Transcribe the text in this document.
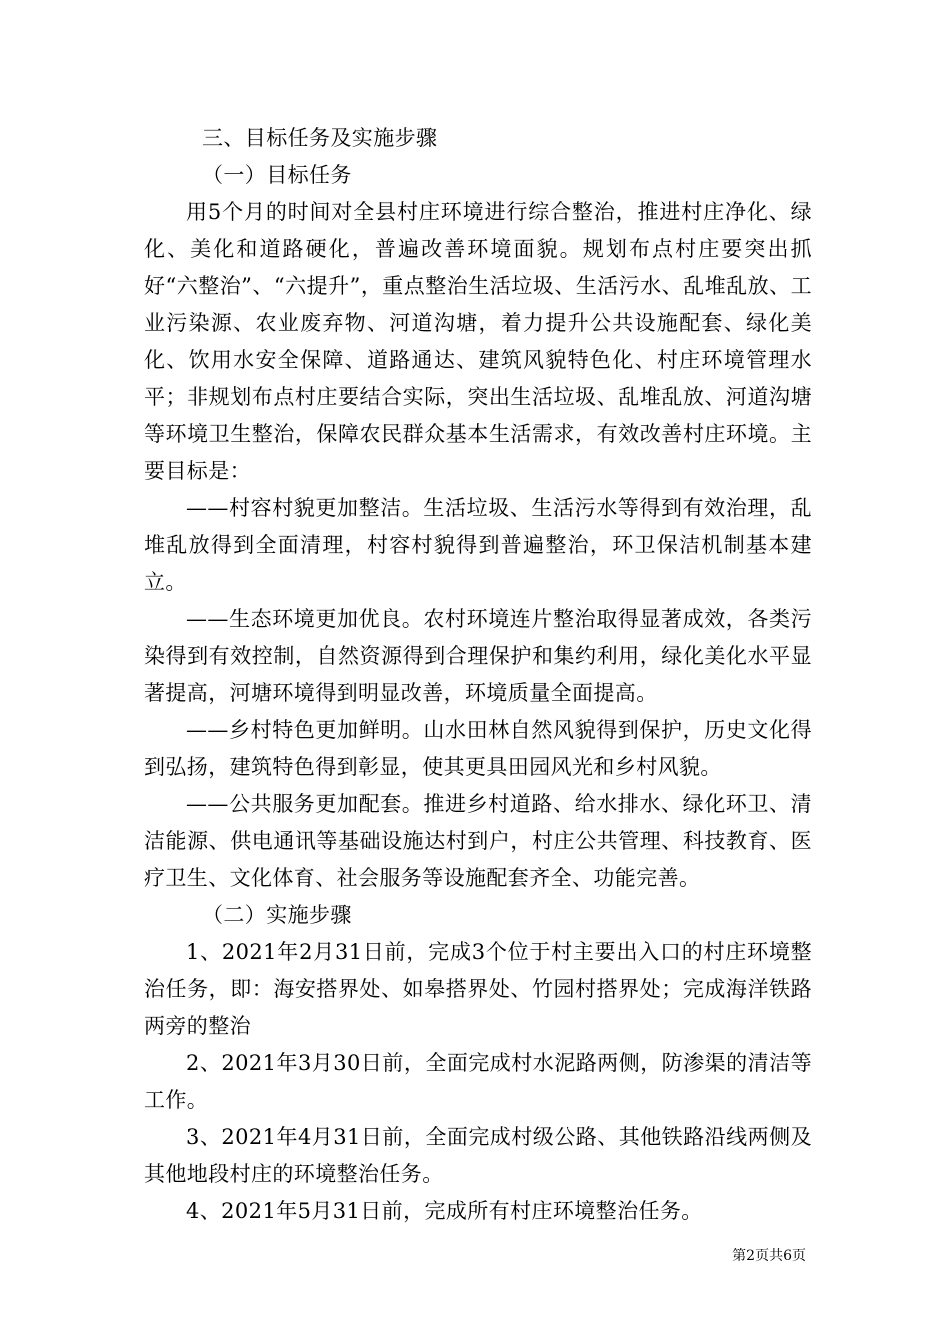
三、目标任务及实施步骤

（一）目标任务

用5个月的时间对全县村庄环境进行综合整治，推进村庄净化、绿化、美化和道路硬化，普遍改善环境面貌。规划布点村庄要突出抓好“六整治”、“六提升”，重点整治生活垃圾、生活污水、乱堆乱放、工业污染源、农业废弃物、河道沟塘，着力提升公共设施配套、绿化美化、饮用水安全保障、道路通达、建筑风貌特色化、村庄环境管理水平；非规划布点村庄要结合实际，突出生活垃圾、乱堆乱放、河道沟塘等环境卫生整治，保障农民群众基本生活需求，有效改善村庄环境。主要目标是：

——村容村貌更加整洁。生活垃圾、生活污水等得到有效治理，乱堆乱放得到全面清理，村容村貌得到普遍整治，环卫保洁机制基本建立。

——生态环境更加优良。农村环境连片整治取得显著成效，各类污染得到有效控制，自然资源得到合理保护和集约利用，绿化美化水平显著提高，河塘环境得到明显改善，环境质量全面提高。

——乡村特色更加鲜明。山水田林自然风貌得到保护，历史文化得到弘扬，建筑特色得到彰显，使其更具田园风光和乡村风貌。

——公共服务更加配套。推进乡村道路、给水排水、绿化环卫、清洁能源、供电通讯等基础设施达村到户，村庄公共管理、科技教育、医疗卫生、文化体育、社会服务等设施配套齐全、功能完善。

（二）实施步骤

1、2021年2月31日前，完成3个位于村主要出入口的村庄环境整治任务，即：海安搭界处、如皋搭界处、竹园村搭界处；完成海洋铁路两旁的整治

2、2021年3月30日前，全面完成村水泥路两侧，防渗渠的清洁等工作。

3、2021年4月31日前，全面完成村级公路、其他铁路沿线两侧及其他地段村庄的环境整治任务。

4、2021年5月31日前，完成所有村庄环境整治任务。

第2页共6页
